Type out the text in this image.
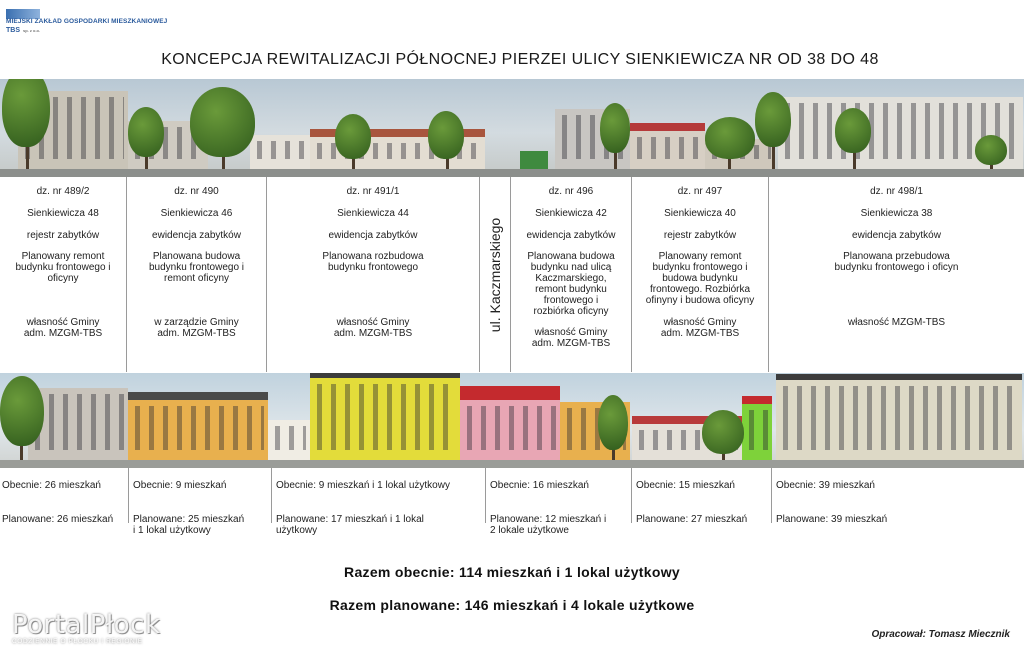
MIEJSKI ZAKŁAD GOSPODARKI MIESZKANIOWEJ
TBS sp. z o.o.
KONCEPCJA REWITALIZACJI PÓŁNOCNEJ PIERZEI ULICY SIENKIEWICZA NR OD 38 DO 48
dz. nr 489/2
Sienkiewicza 48
rejestr zabytków
Planowany remont
budynku frontowego i
oficyny
własność Gminy
adm. MZGM-TBS
dz. nr 490
Sienkiewicza 46
ewidencja zabytków
Planowana budowa
budynku frontowego i
remont oficyny
w zarządzie Gminy
adm. MZGM-TBS
dz. nr 491/1
Sienkiewicza 44
ewidencja zabytków
Planowana rozbudowa
budynku frontowego
własność Gminy
adm. MZGM-TBS
dz. nr 496
Sienkiewicza 42
ewidencja zabytków
Planowana budowa
budynku nad ulicą
Kaczmarskiego,
remont budynku
frontowego i
rozbiórka oficyny
własność Gminy
adm. MZGM-TBS
dz. nr 497
Sienkiewicza 40
rejestr zabytków
Planowany remont
budynku frontowego i
budowa budynku
frontowego. Rozbiórka
ofinyny i budowa oficyny
własność Gminy
adm. MZGM-TBS
dz. nr 498/1
Sienkiewicza 38
ewidencja zabytków
Planowana przebudowa
budynku frontowego i oficyn
własność MZGM-TBS
ul. Kaczmarskiego
Obecnie: 26 mieszkań
Planowane: 26 mieszkań
Obecnie: 9 mieszkań
Planowane: 25 mieszkań
i 1 lokal użytkowy
Obecnie: 9 mieszkań i 1 lokal użytkowy
Planowane: 17 mieszkań i 1 lokal
użytkowy
Obecnie: 16 mieszkań
Planowane: 12 mieszkań i
2 lokale użytkowe
Obecnie: 15 mieszkań
Planowane: 27 mieszkań
Obecnie: 39 mieszkań
Planowane: 39 mieszkań
Razem obecnie: 114 mieszkań i 1 lokal użytkowy
Razem planowane: 146 mieszkań i 4 lokale użytkowe
Opracował: Tomasz Miecznik
PortalPłock
CODZIENNIE O PŁOCKU I REGIONIE
